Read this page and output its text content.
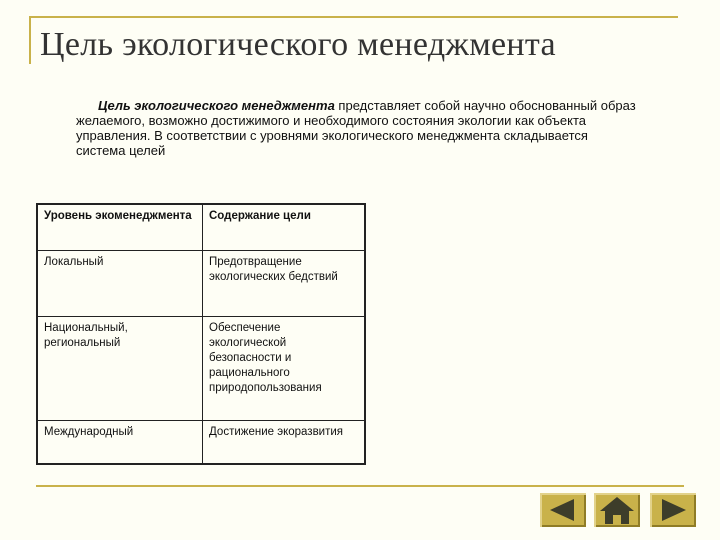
Цель экологического менеджмента

Цель экологического менеджмента представляет собой научно обоснованный образ желаемого, возможно достижимого и необходимого состояния экологии как объекта управления. В соответствии с уровнями экологического менеджмента складывается система целей

Уровень экоменеджмента	Содержание цели
Локальный	Предотвращение экологических бедствий
Национальный, региональный	Обеспечение экологической безопасности и рационального природопользования
Международный	Достижение экоразвития
